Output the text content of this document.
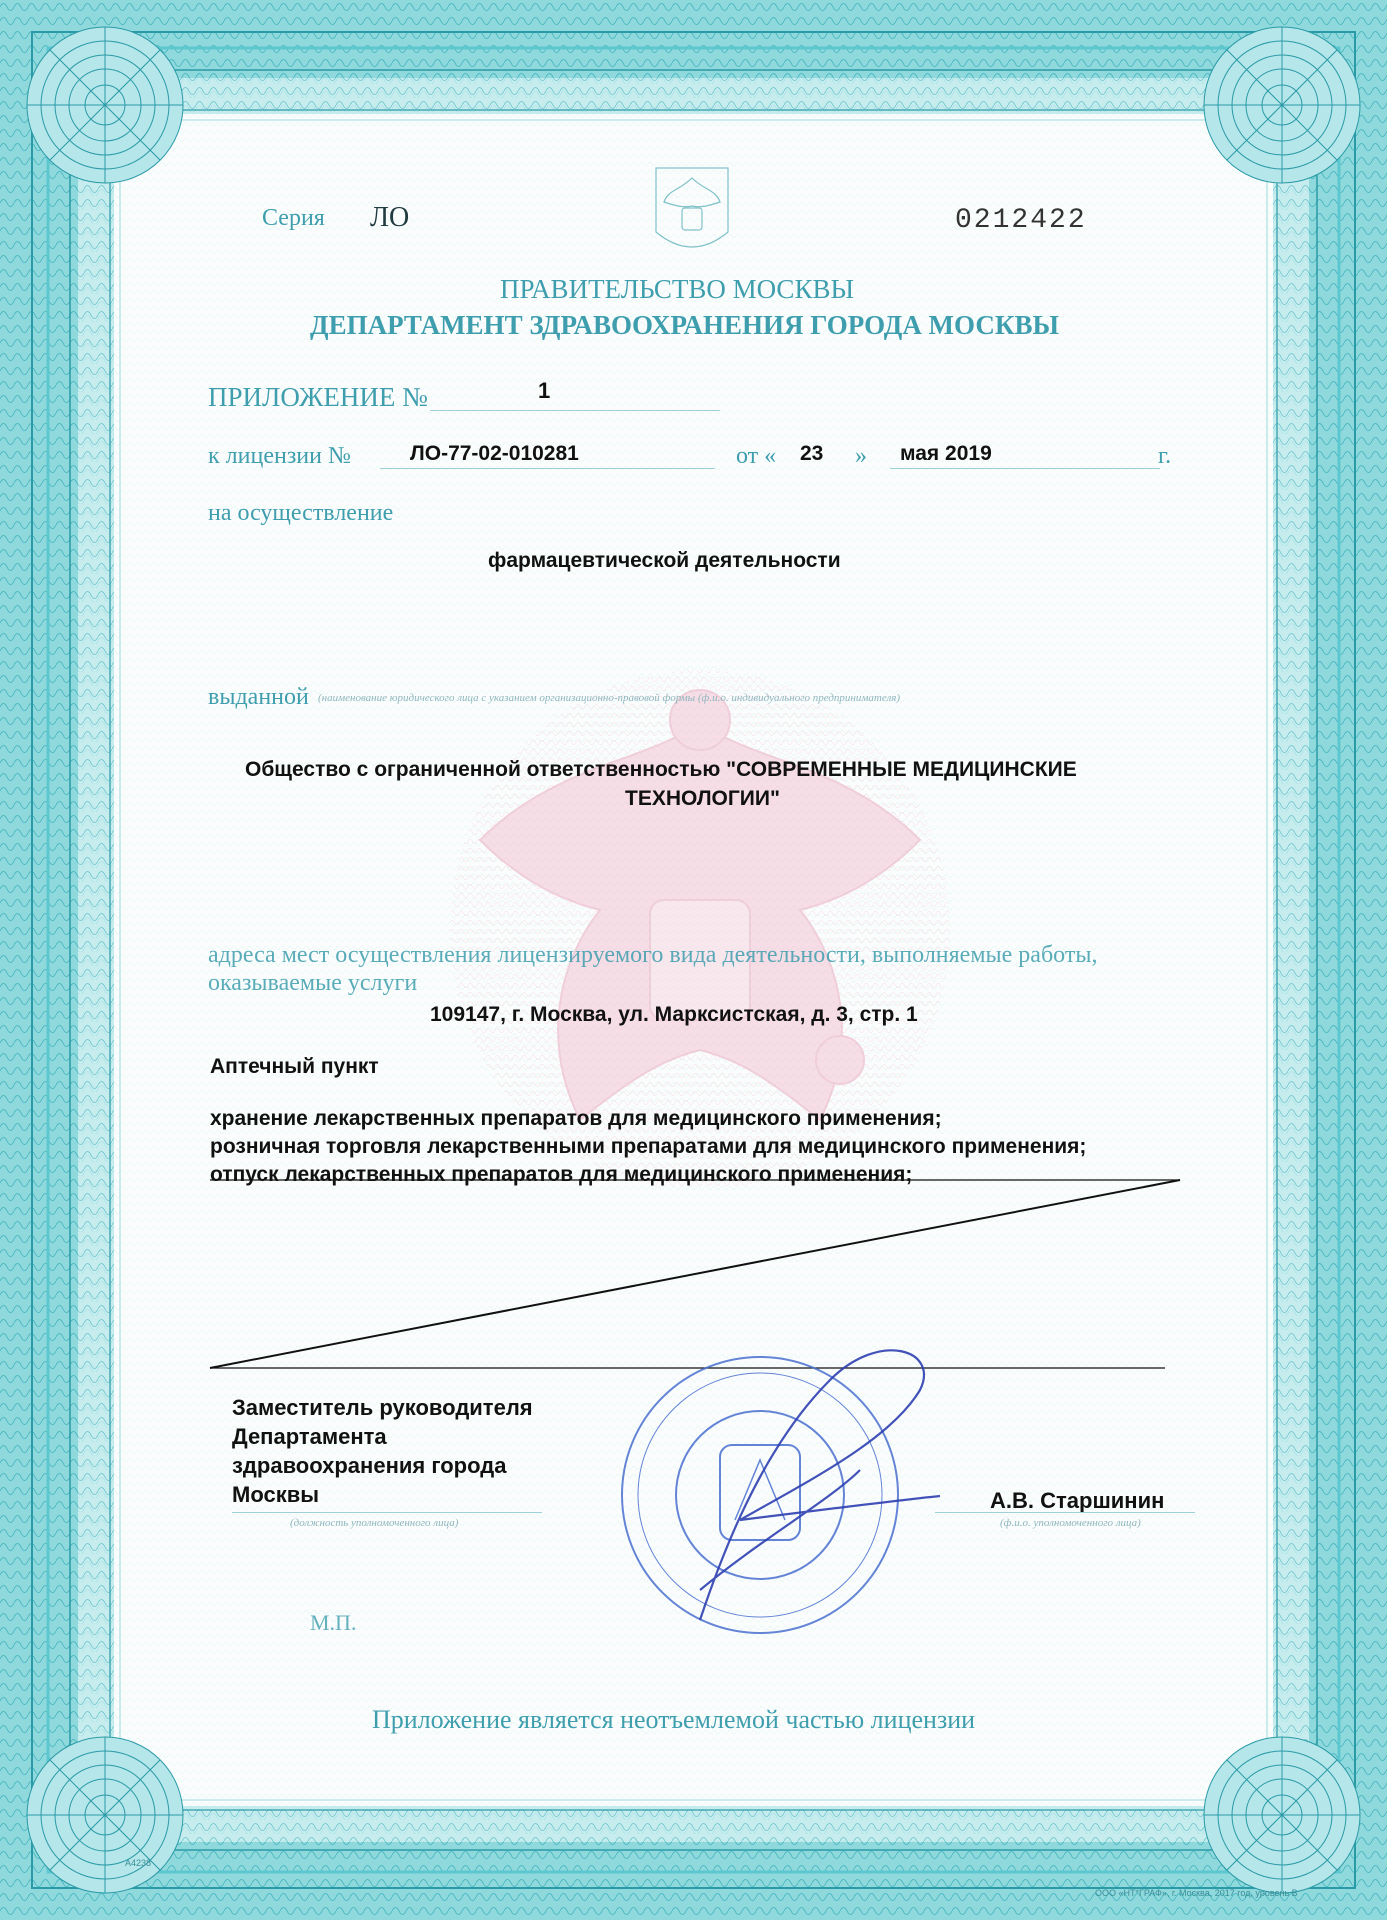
Серия ЛО	0212422
ПРАВИТЕЛЬСТВО МОСКВЫ
ДЕПАРТАМЕНТ ЗДРАВООХРАНЕНИЯ ГОРОДА МОСКВЫ
ПРИЛОЖЕНИЕ №	1
к лицензии №	ЛО-77-02-010281	от « 23 » мая 2019	г.
на осуществление
фармацевтической деятельности
выданной (наименование юридического лица с указанием организационно-правовой формы (ф.и.о. индивидуального предпринимателя)
Общество с ограниченной ответственностью "СОВРЕМЕННЫЕ МЕДИЦИНСКИЕ
ТЕХНОЛОГИИ"
адреса мест осуществления лицензируемого вида деятельности, выполняемые работы,
оказываемые услуги
109147, г. Москва, ул. Марксистская, д. 3, стр. 1
Аптечный пункт
хранение лекарственных препаратов для медицинского применения;
розничная торговля лекарственными препаратами для медицинского применения;
отпуск лекарственных препаратов для медицинского применения;
Заместитель руководителя
Департамента
здравоохранения города
Москвы
(должность уполномоченного лица)
А.В. Старшинин
(ф.и.о. уполномоченного лица)
М.П.
Приложение является неотъемлемой частью лицензии
А4238
ООО «НТ*ГРАФ», г. Москва, 2017 год, уровень В
